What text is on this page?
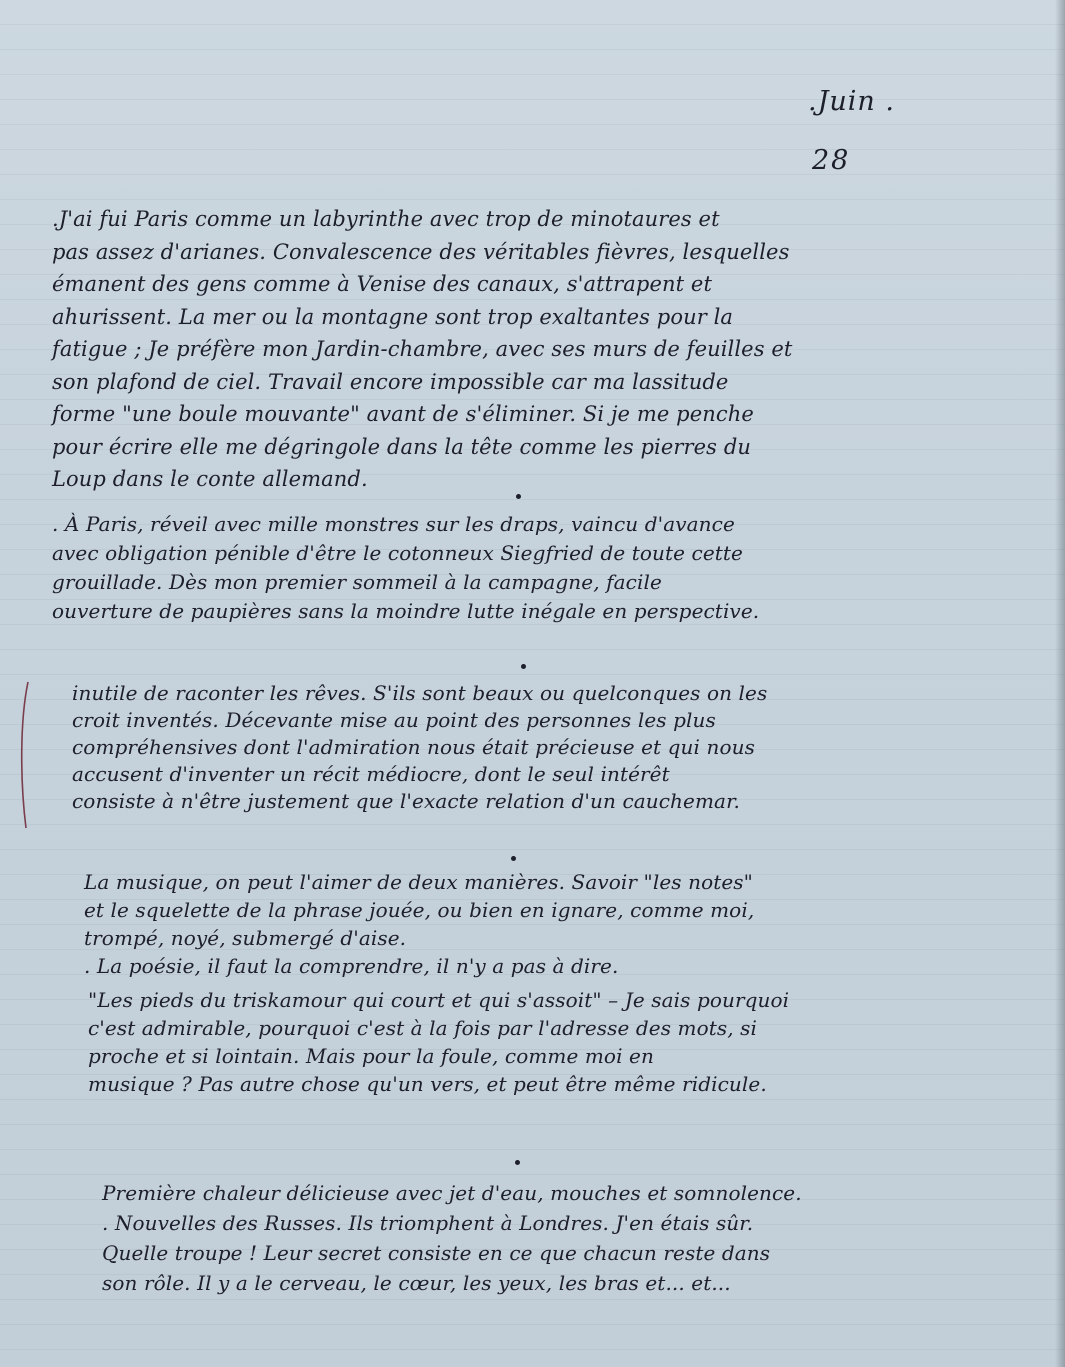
.Juin .
28
.J'ai fui Paris comme un labyrinthe avec trop de minotaures et
pas assez d'arianes. Convalescence des véritables fièvres, lesquelles
émanent des gens comme à Venise des canaux, s'attrapent et
ahurissent. La mer ou la montagne sont trop exaltantes pour la
fatigue ; Je préfère mon Jardin-chambre, avec ses murs de feuilles et
son plafond de ciel. Travail encore impossible car ma lassitude
forme "une boule mouvante" avant de s'éliminer. Si je me penche
pour écrire elle me dégringole dans la tête comme les pierres du
Loup dans le conte allemand.
. À Paris, réveil avec mille monstres sur les draps, vaincu d'avance
avec obligation pénible d'être le cotonneux Siegfried de toute cette
grouillade. Dès mon premier sommeil à la campagne, facile
ouverture de paupières sans la moindre lutte inégale en perspective.
inutile de raconter les rêves. S'ils sont beaux ou quelconques on les
croit inventés. Décevante mise au point des personnes les plus
compréhensives dont l'admiration nous était précieuse et qui nous
accusent d'inventer un récit médiocre, dont le seul intérêt
consiste à n'être justement que l'exacte relation d'un cauchemar.
La musique, on peut l'aimer de deux manières. Savoir "les notes"
et le squelette de la phrase jouée, ou bien en ignare, comme moi,
trompé, noyé, submergé d'aise.
. La poésie, il faut la comprendre, il n'y a pas à dire.
"Les pieds du triskamour qui court et qui s'assoit" – Je sais pourquoi
c'est admirable, pourquoi c'est à la fois par l'adresse des mots, si
proche et si lointain. Mais pour la foule, comme moi en
musique ? Pas autre chose qu'un vers, et peut être même ridicule.
Première chaleur délicieuse avec jet d'eau, mouches et somnolence.
. Nouvelles des Russes. Ils triomphent à Londres. J'en étais sûr.
Quelle troupe ! Leur secret consiste en ce que chacun reste dans
son rôle. Il y a le cerveau, le cœur, les yeux, les bras et... et...
